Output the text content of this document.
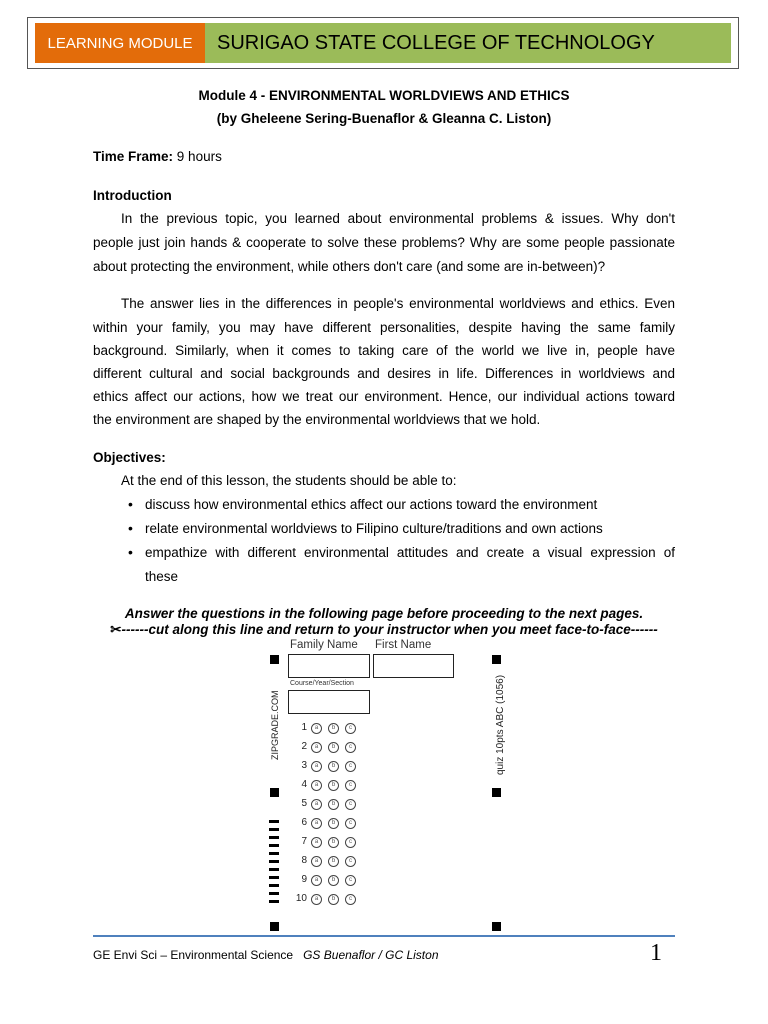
LEARNING MODULE	SURIGAO STATE COLLEGE OF TECHNOLOGY
Module 4 - ENVIRONMENTAL WORLDVIEWS AND ETHICS
(by Gheleene Sering-Buenaflor & Gleanna C. Liston)
Time Frame: 9 hours
Introduction
In the previous topic, you learned about environmental problems & issues. Why don't
people just join hands & cooperate to solve these problems? Why are some people passionate
about protecting the environment, while others don't care (and some are in-between)?
The answer lies in the differences in people's environmental worldviews and ethics. Even
within your family, you may have different personalities, despite having the same family
background. Similarly, when it comes to taking care of the world we live in, people have
different cultural and social backgrounds and desires in life. Differences in worldviews and
ethics affect our actions, how we treat our environment. Hence, our individual actions toward
the environment are shaped by the environmental worldviews that we hold.
Objectives:
At the end of this lesson, the students should be able to:
• discuss how environmental ethics affect our actions toward the environment
• relate environmental worldviews to Filipino culture/traditions and own actions
• empathize with different environmental attitudes and create a visual expression of
these
Answer the questions in the following page before proceeding to the next pages.
✂------cut along this line and return to your instructor when you meet face-to-face------
Family Name First Name
Course/Year/Section
ZIPGRADE.COM	quiz 10pts ABC (1056)
1	a	b	c
2	a	b	c
3	a	b	c
4	a	b	c
5	a	b	c
6	a	b	c
7	a	b	c
8	a	b	c
9	a	b	c
10	a	b	c
GE Envi Sci – Environmental Science GS Buenaflor / GC Liston	1
